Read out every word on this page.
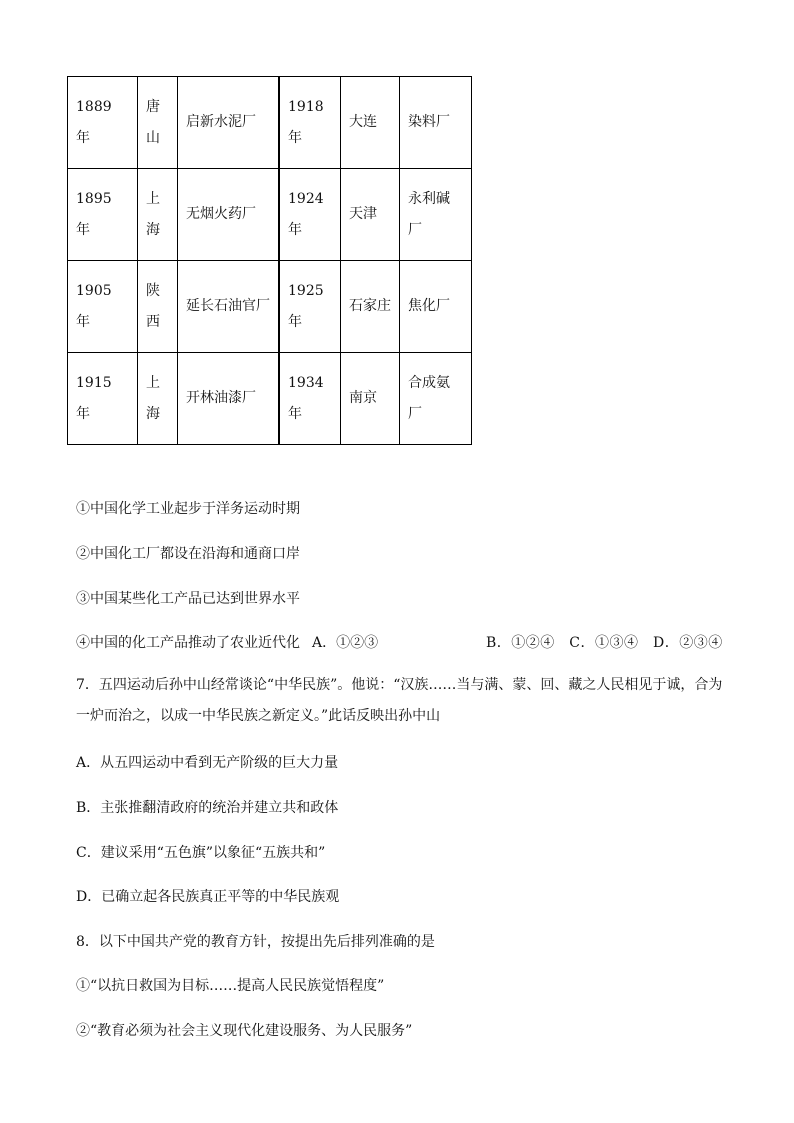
1889 年	唐山	启新水泥厂		1918 年	大连	染料厂
1895 年	上海	无烟火药厂		1924 年	天津	永利碱厂
1905 年	陕西	延长石油官厂		1925 年	石家庄	焦化厂
1915 年	上海	开林油漆厂		1934 年	南京	合成氨厂
①中国化学工业起步于洋务运动时期
②中国化工厂都设在沿海和通商口岸
③中国某些化工产品已达到世界水平
④中国的化工产品推动了农业近代化 A．①②③	B．①②④　C．①③④　D．②③④
7．五四运动后孙中山经常谈论“中华民族”。他说：“汉族……当与满、蒙、回、藏之人民相见于诚，合为一炉而治之，以成一中华民族之新定义。”此话反映出孙中山
A．从五四运动中看到无产阶级的巨大力量
B．主张推翻清政府的统治并建立共和政体
C．建议采用“五色旗”以象征“五族共和”
D．已确立起各民族真正平等的中华民族观
8．以下中国共产党的教育方针，按提出先后排列准确的是
①“以抗日救国为目标……提高人民民族觉悟程度”
②“教育必须为社会主义现代化建设服务、为人民服务”
